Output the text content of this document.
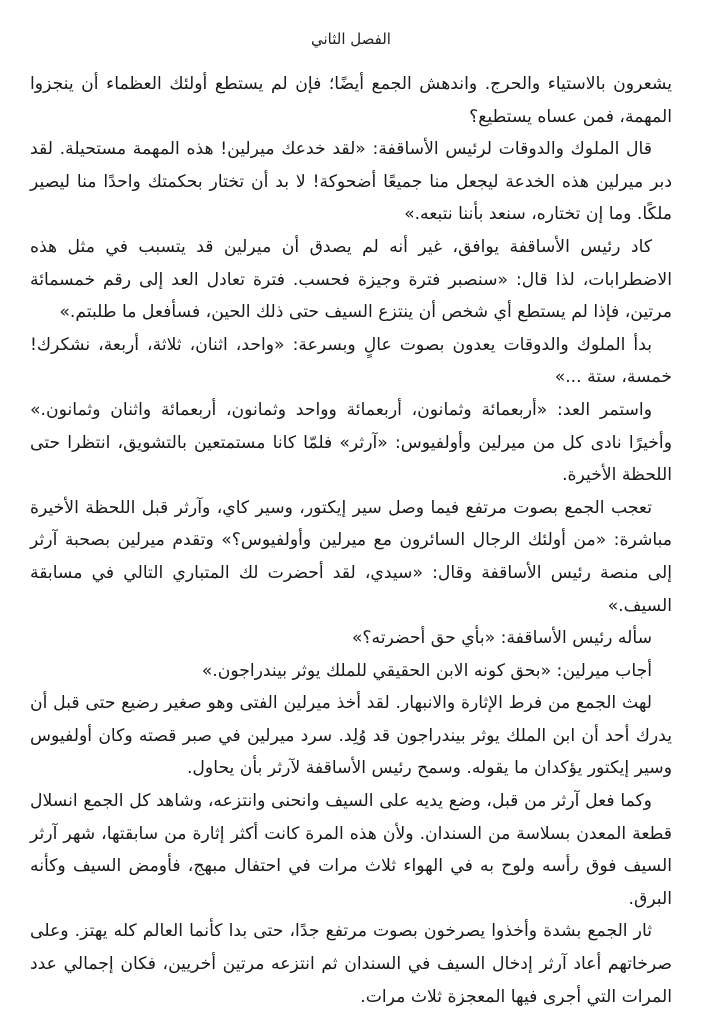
الفصل الثاني

يشعرون بالاستياء والحرج. واندهش الجمع أيضًا؛ فإن لم يستطع أولئك العظماء أن ينجزوا المهمة، فمن عساه يستطيع؟

قال الملوك والدوقات لرئيس الأساقفة: «لقد خدعك ميرلين! هذه المهمة مستحيلة. لقد دبر ميرلين هذه الخدعة ليجعل منا جميعًا أضحوكة! لا بد أن تختار بحكمتك واحدًا منا ليصير ملكًا. وما إن تختاره، سنعد بأننا نتبعه.»

كاد رئيس الأساقفة يوافق، غير أنه لم يصدق أن ميرلين قد يتسبب في مثل هذه الاضطرابات، لذا قال: «سنصبر فترة وجيزة فحسب. فترة تعادل العد إلى رقم خمسمائة مرتين، فإذا لم يستطع أي شخص أن ينتزع السيف حتى ذلك الحين، فسأفعل ما طلبتم.»

بدأ الملوك والدوقات يعدون بصوت عالٍ وبسرعة: «واحد، اثنان، ثلاثة، أربعة، نشكرك! خمسة، ستة ...»

واستمر العد: «أربعمائة وثمانون، أربعمائة وواحد وثمانون، أربعمائة واثنان وثمانون.» وأخيرًا نادى كل من ميرلين وأولفيوس: «آرثر» فلمّا كانا مستمتعين بالتشويق، انتظرا حتى اللحظة الأخيرة.

تعجب الجمع بصوت مرتفع فيما وصل سير إيكتور، وسير كاي، وآرثر قبل اللحظة الأخيرة مباشرة: «من أولئك الرجال السائرون مع ميرلين وأولفيوس؟» وتقدم ميرلين بصحبة آرثر إلى منصة رئيس الأساقفة وقال: «سيدي، لقد أحضرت لك المتباري التالي في مسابقة السيف.»

سأله رئيس الأساقفة: «بأي حق أحضرته؟»

أجاب ميرلين: «بحق كونه الابن الحقيقي للملك يوثر بيندراجون.»

لهث الجمع من فرط الإثارة والانبهار. لقد أخذ ميرلين الفتى وهو صغير رضيع حتى قبل أن يدرك أحد أن ابن الملك يوثر بيندراجون قد وُلِد. سرد ميرلين في صبر قصته وكان أولفيوس وسير إيكتور يؤكدان ما يقوله. وسمح رئيس الأساقفة لآرثر بأن يحاول.

وكما فعل آرثر من قبل، وضع يديه على السيف وانحنى وانتزعه، وشاهد كل الجمع انسلال قطعة المعدن بسلاسة من السندان. ولأن هذه المرة كانت أكثر إثارة من سابقتها، شهر آرثر السيف فوق رأسه ولوح به في الهواء ثلاث مرات في احتفال مبهج، فأومض السيف وكأنه البرق.

ثار الجمع بشدة وأخذوا يصرخون بصوت مرتفع جدًا، حتى بدا كأنما العالم كله يهتز. وعلى صرخاتهم أعاد آرثر إدخال السيف في السندان ثم انتزعه مرتين أخريين، فكان إجمالي عدد المرات التي أجرى فيها المعجزة ثلاث مرات.
